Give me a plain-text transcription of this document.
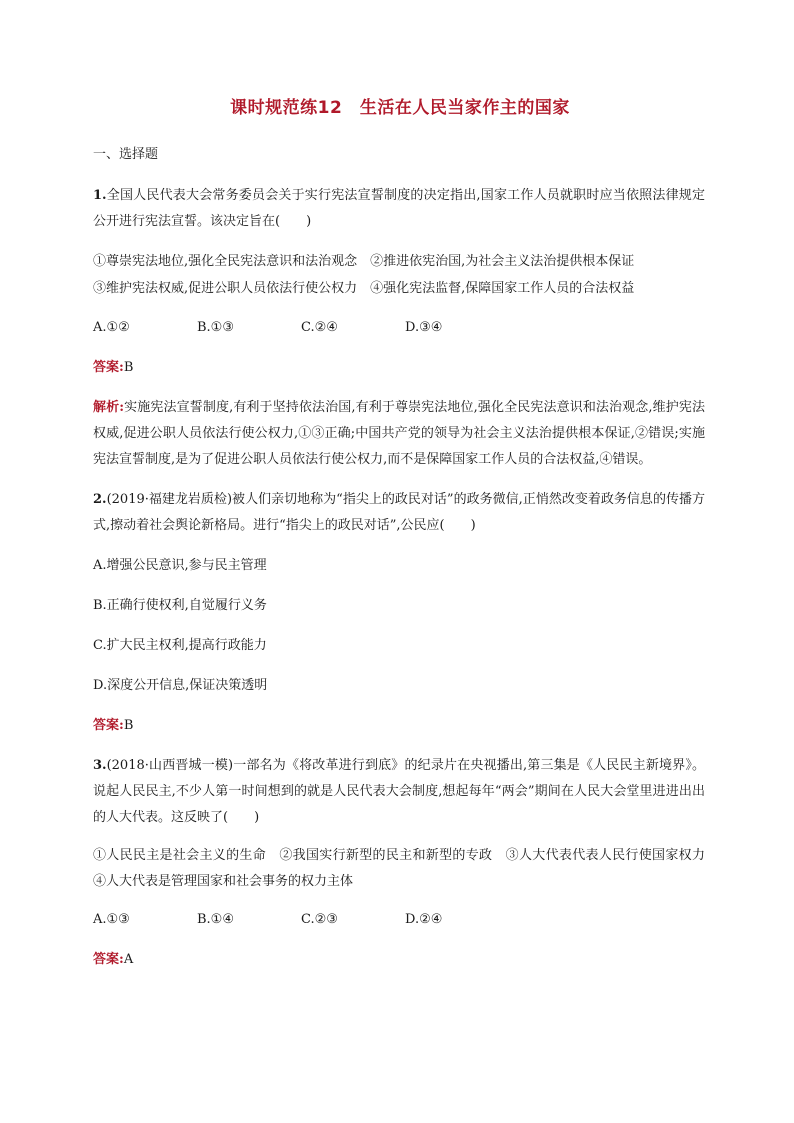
课时规范练12　生活在人民当家作主的国家
一、选择题

1.全国人民代表大会常务委员会关于实行宪法宣誓制度的决定指出,国家工作人员就职时应当依照法律规定公开进行宪法宣誓。该决定旨在(　　)

①尊崇宪法地位,强化全民宪法意识和法治观念　②推进依宪治国,为社会主义法治提供根本保证

③维护宪法权威,促进公职人员依法行使公权力　④强化宪法监督,保障国家工作人员的合法权益

A.①②	B.①③	C.②④	D.③④
答案:B

解析:实施宪法宣誓制度,有利于坚持依法治国,有利于尊崇宪法地位,强化全民宪法意识和法治观念,维护宪法权威,促进公职人员依法行使公权力,①③正确;中国共产党的领导为社会主义法治提供根本保证,②错误;实施宪法宣誓制度,是为了促进公职人员依法行使公权力,而不是保障国家工作人员的合法权益,④错误。

2.(2019·福建龙岩质检)被人们亲切地称为“指尖上的政民对话”的政务微信,正悄然改变着政务信息的传播方式,擦动着社会舆论新格局。进行“指尖上的政民对话”,公民应(　　)

A.增强公民意识,参与民主管理
B.正确行使权利,自觉履行义务
C.扩大民主权利,提高行政能力
D.深度公开信息,保证决策透明
答案:B

3.(2018·山西晋城一模)一部名为《将改革进行到底》的纪录片在央视播出,第三集是《人民民主新境界》。说起人民民主,不少人第一时间想到的就是人民代表大会制度,想起每年“两会”期间在人民大会堂里进进出出的人大代表。这反映了(　　)

①人民民主是社会主义的生命　②我国实行新型的民主和新型的专政　③人大代表代表人民行使国家权力　④人大代表是管理国家和社会事务的权力主体

A.①③	B.①④	C.②③	D.②④
答案:A
